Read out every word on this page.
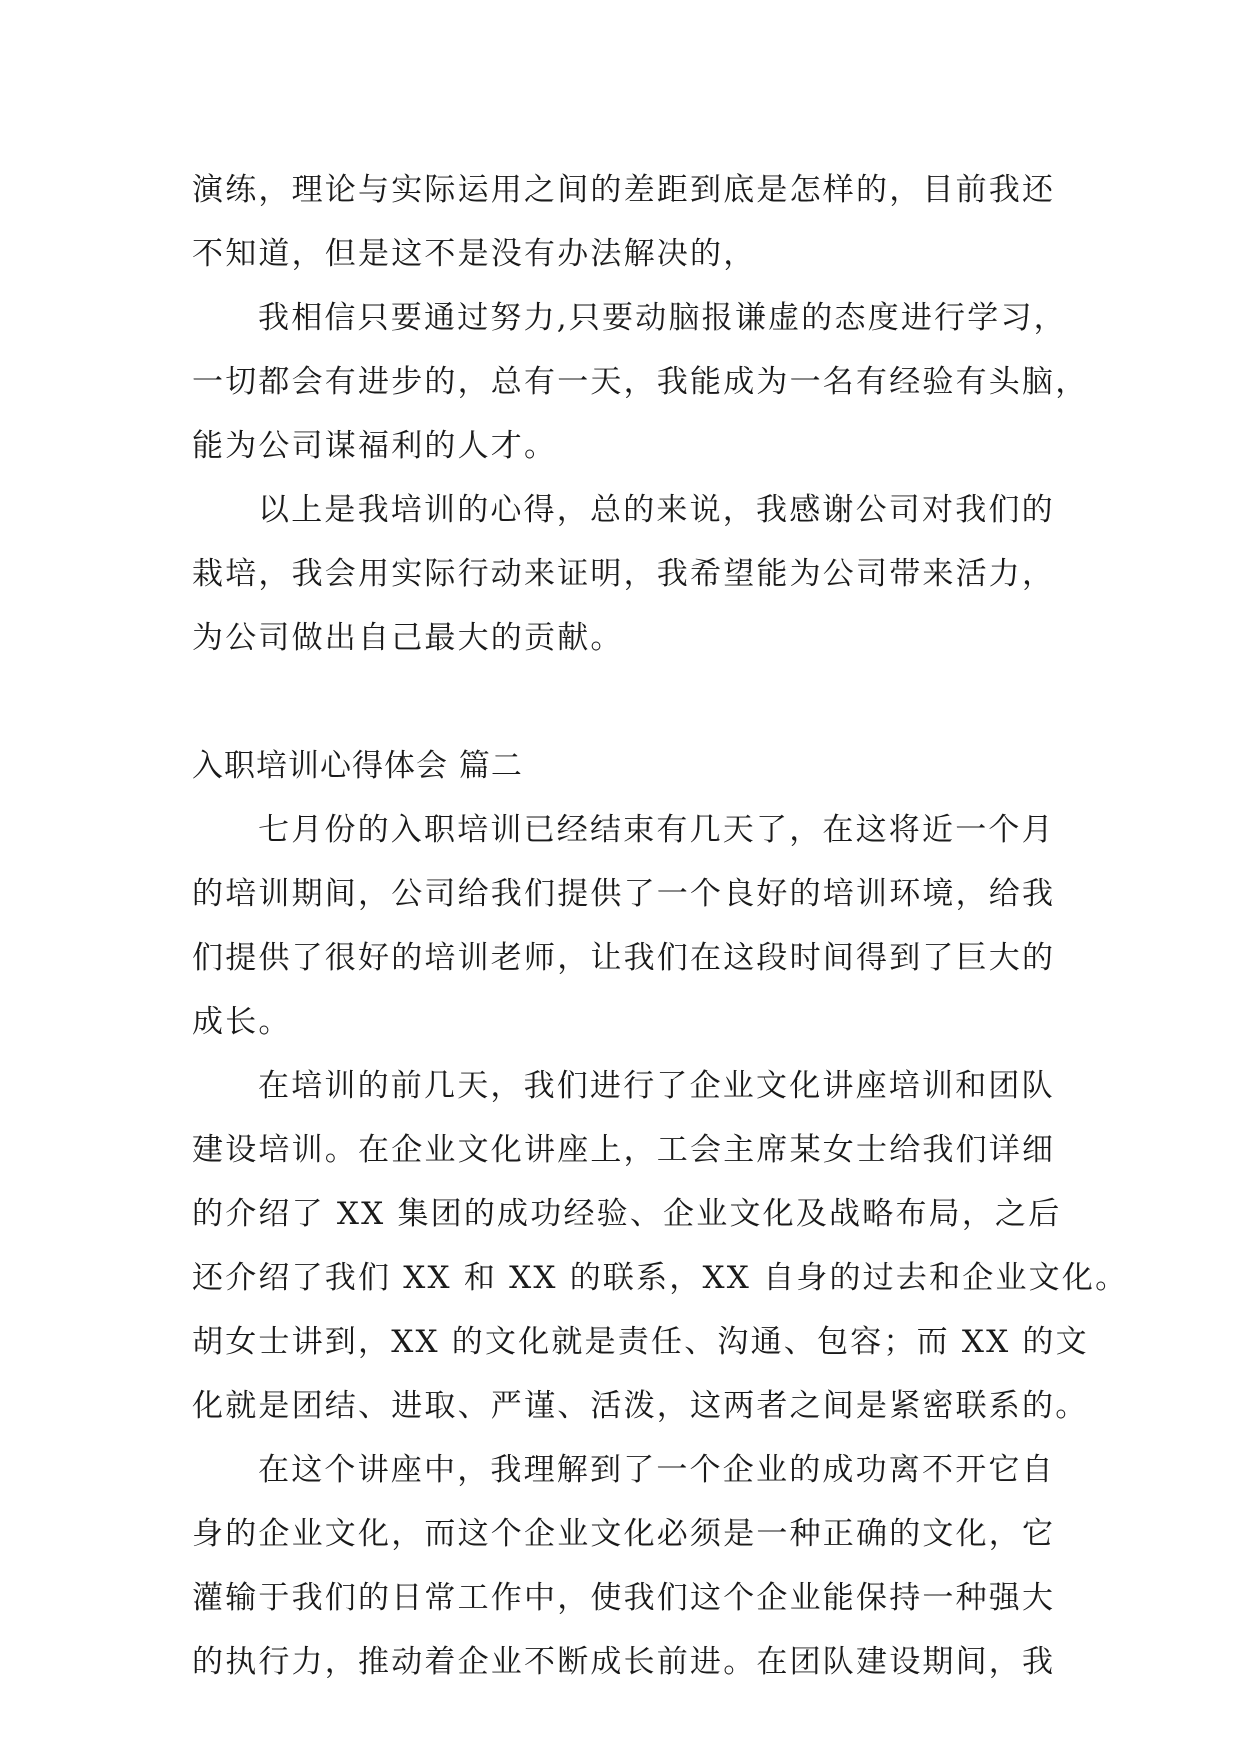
演练，理论与实际运用之间的差距到底是怎样的，目前我还

不知道，但是这不是没有办法解决的，

我相信只要通过努力,只要动脑报谦虚的态度进行学习，

一切都会有进步的，总有一天，我能成为一名有经验有头脑，

能为公司谋福利的人才。

以上是我培训的心得，总的来说，我感谢公司对我们的

栽培，我会用实际行动来证明，我希望能为公司带来活力，

为公司做出自己最大的贡献。

入职培训心得体会 篇二

七月份的入职培训已经结束有几天了，在这将近一个月

的培训期间，公司给我们提供了一个良好的培训环境，给我

们提供了很好的培训老师，让我们在这段时间得到了巨大的

成长。

在培训的前几天，我们进行了企业文化讲座培训和团队

建设培训。在企业文化讲座上，工会主席某女士给我们详细

的介绍了 XX 集团的成功经验、企业文化及战略布局，之后

还介绍了我们 XX 和 XX 的联系，XX 自身的过去和企业文化。

胡女士讲到，XX 的文化就是责任、沟通、包容；而 XX 的文

化就是团结、进取、严谨、活泼，这两者之间是紧密联系的。

在这个讲座中，我理解到了一个企业的成功离不开它自

身的企业文化，而这个企业文化必须是一种正确的文化，它

灌输于我们的日常工作中，使我们这个企业能保持一种强大

的执行力，推动着企业不断成长前进。在团队建设期间，我
